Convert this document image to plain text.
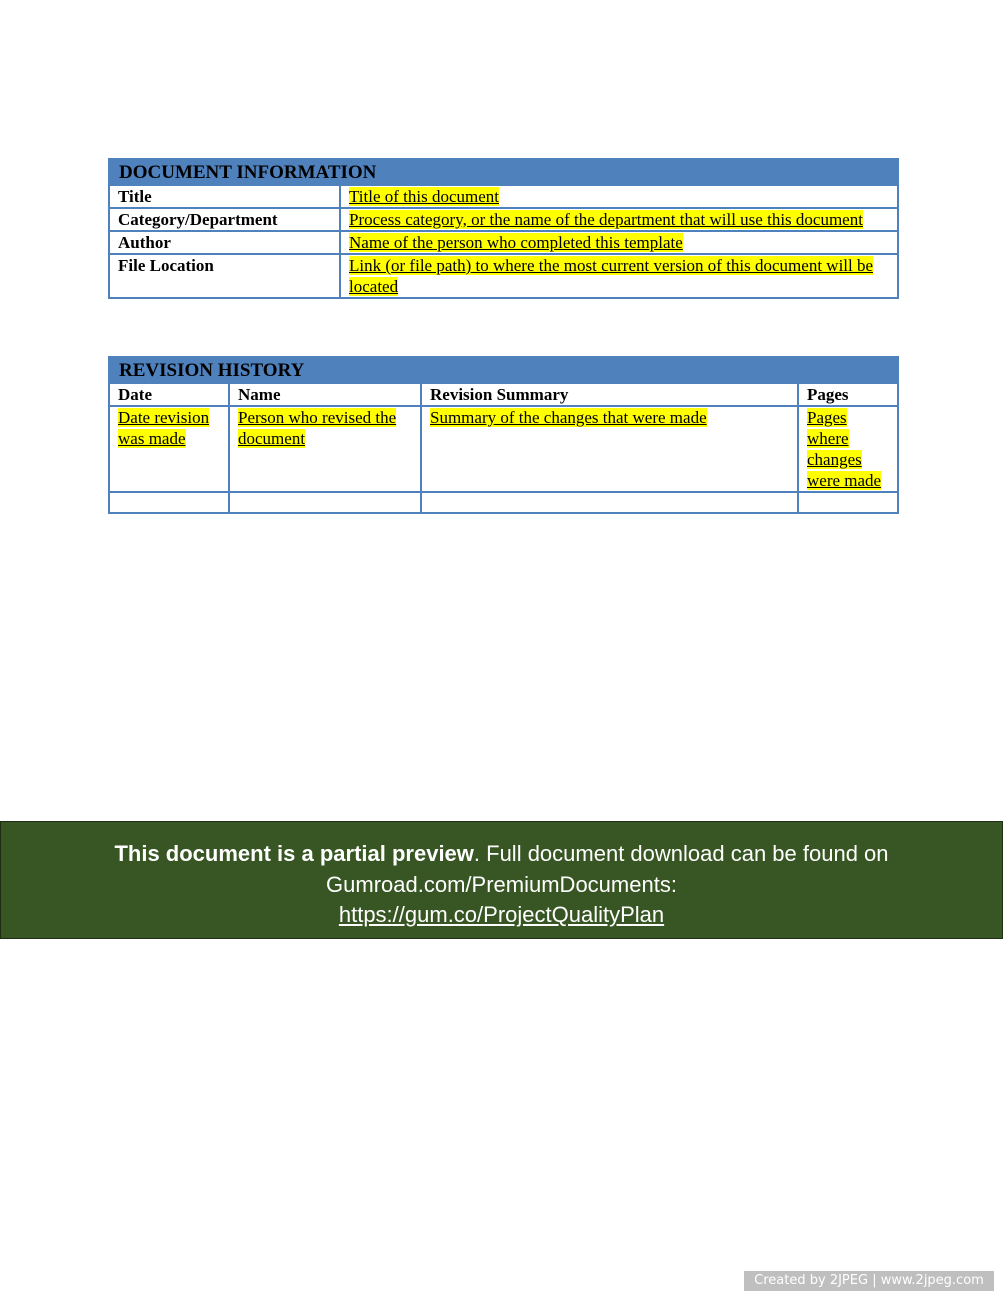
DOCUMENT INFORMATION	
Title	Title of this document
Category/Department	Process category, or the name of the department that will use this document
Author	Name of the person who completed this template
File Location	Link (or file path) to where the most current version of this document will be located
REVISION HISTORY			
Date	Name	Revision Summary	Pages
Date revision was made	Person who revised the document	Summary of the changes that were made	Pages where changes were made

This document is a partial preview. Full document download can be found on Gumroad.com/PremiumDocuments:
https://gum.co/ProjectQualityPlan
Created by 2JPEG | www.2jpeg.com
